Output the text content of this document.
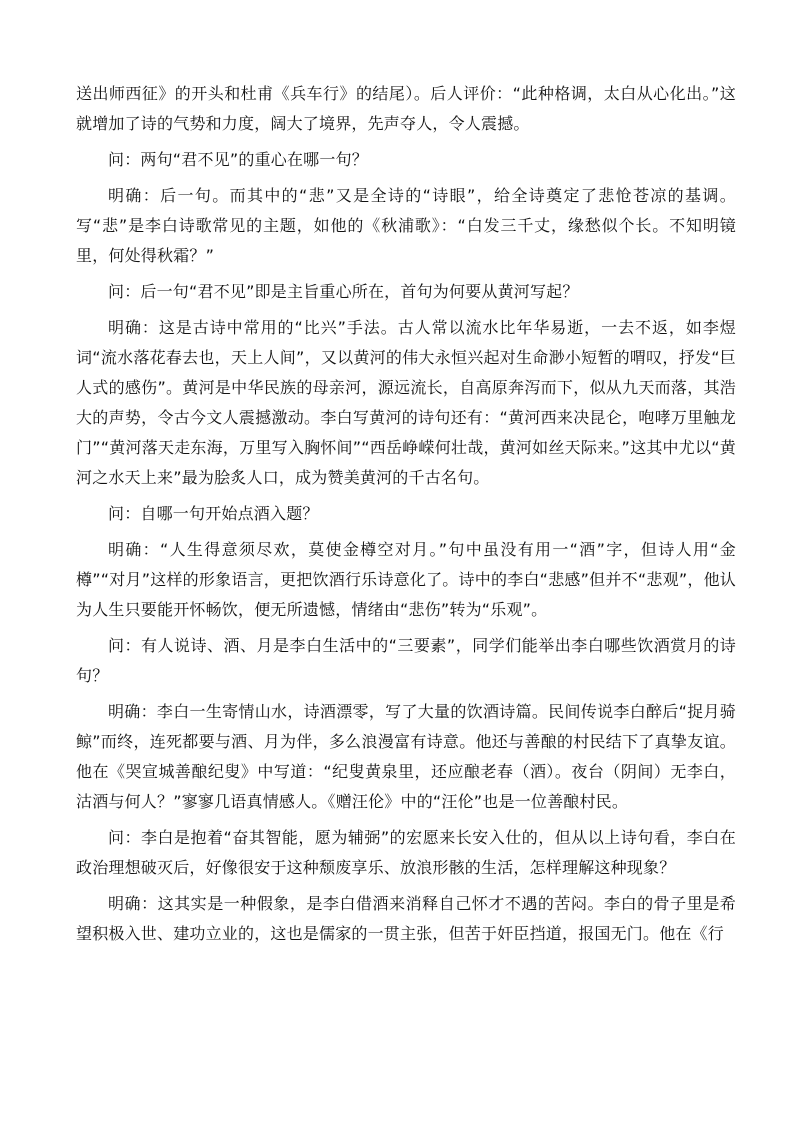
送出师西征》的开头和杜甫《兵车行》的结尾）。后人评价：“此种格调，太白从心化出。”这就增加了诗的气势和力度，阔大了境界，先声夺人，令人震撼。

问：两句“君不见”的重心在哪一句？

明确：后一句。而其中的“悲”又是全诗的“诗眼”，给全诗奠定了悲怆苍凉的基调。写“悲”是李白诗歌常见的主题，如他的《秋浦歌》：“白发三千丈，缘愁似个长。不知明镜里，何处得秋霜？”

问：后一句“君不见”即是主旨重心所在，首句为何要从黄河写起？

明确：这是古诗中常用的“比兴”手法。古人常以流水比年华易逝，一去不返，如李煜词“流水落花春去也，天上人间”，又以黄河的伟大永恒兴起对生命渺小短暂的喟叹，抒发“巨人式的感伤”。黄河是中华民族的母亲河，源远流长，自高原奔泻而下，似从九天而落，其浩大的声势，令古今文人震撼激动。李白写黄河的诗句还有：“黄河西来决昆仑，咆哮万里触龙门”“黄河落天走东海，万里写入胸怀间”“西岳峥嵘何壮哉，黄河如丝天际来。”这其中尤以“黄河之水天上来”最为脍炙人口，成为赞美黄河的千古名句。

问：自哪一句开始点酒入题？

明确：“人生得意须尽欢，莫使金樽空对月。”句中虽没有用一“酒”字，但诗人用“金樽”“对月”这样的形象语言，更把饮酒行乐诗意化了。诗中的李白“悲感”但并不“悲观”，他认为人生只要能开怀畅饮，便无所遗憾，情绪由“悲伤”转为“乐观”。

问：有人说诗、酒、月是李白生活中的“三要素”，同学们能举出李白哪些饮酒赏月的诗句？

明确：李白一生寄情山水，诗酒漂零，写了大量的饮酒诗篇。民间传说李白醉后“捉月骑鲸”而终，连死都要与酒、月为伴，多么浪漫富有诗意。他还与善酿的村民结下了真挚友谊。他在《哭宣城善酿纪叟》中写道：“纪叟黄泉里，还应酿老春（酒）。夜台（阴间）无李白，沽酒与何人？”寥寥几语真情感人。《赠汪伦》中的“汪伦”也是一位善酿村民。

问：李白是抱着“奋其智能，愿为辅弼”的宏愿来长安入仕的，但从以上诗句看，李白在政治理想破灭后，好像很安于这种颓废享乐、放浪形骸的生活，怎样理解这种现象？

明确：这其实是一种假象，是李白借酒来消释自己怀才不遇的苦闷。李白的骨子里是希望积极入世、建功立业的，这也是儒家的一贯主张，但苦于奸臣挡道，报国无门。他在《行
